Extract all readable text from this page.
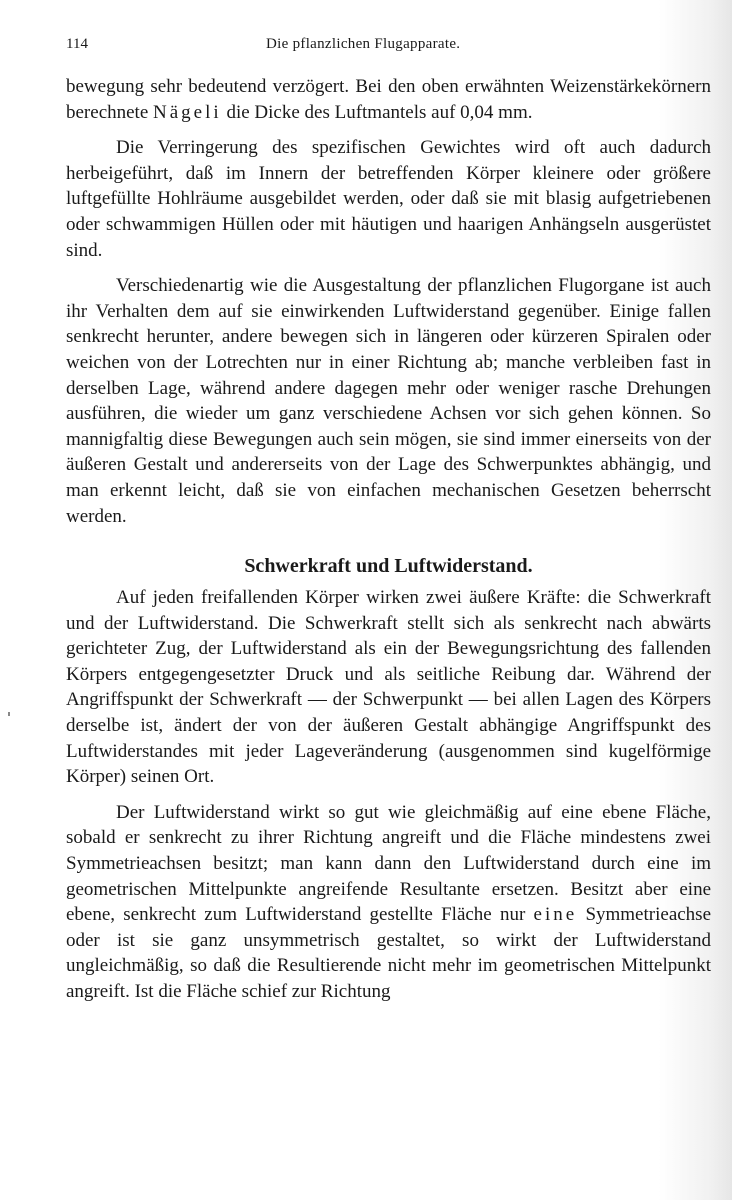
114	Die pflanzlichen Flugapparate.

bewegung sehr bedeutend verzögert. Bei den oben erwähnten Weizenstärkekörnern berechnete Nägeli die Dicke des Luftmantels auf 0,04 mm.

Die Verringerung des spezifischen Gewichtes wird oft auch dadurch herbeigeführt, daß im Innern der betreffenden Körper kleinere oder größere luftgefüllte Hohlräume ausgebildet werden, oder daß sie mit blasig aufgetriebenen oder schwammigen Hüllen oder mit häutigen und haarigen Anhängseln ausgerüstet sind.

Verschiedenartig wie die Ausgestaltung der pflanzlichen Flugorgane ist auch ihr Verhalten dem auf sie einwirkenden Luftwiderstand gegenüber. Einige fallen senkrecht herunter, andere bewegen sich in längeren oder kürzeren Spiralen oder weichen von der Lotrechten nur in einer Richtung ab; manche verbleiben fast in derselben Lage, während andere dagegen mehr oder weniger rasche Drehungen ausführen, die wieder um ganz verschiedene Achsen vor sich gehen können. So mannigfaltig diese Bewegungen auch sein mögen, sie sind immer einerseits von der äußeren Gestalt und andererseits von der Lage des Schwerpunktes abhängig, und man erkennt leicht, daß sie von einfachen mechanischen Gesetzen beherrscht werden.

Schwerkraft und Luftwiderstand.

Auf jeden freifallenden Körper wirken zwei äußere Kräfte: die Schwerkraft und der Luftwiderstand. Die Schwerkraft stellt sich als senkrecht nach abwärts gerichteter Zug, der Luftwiderstand als ein der Bewegungsrichtung des fallenden Körpers entgegengesetzter Druck und als seitliche Reibung dar. Während der Angriffspunkt der Schwerkraft — der Schwerpunkt — bei allen Lagen des Körpers derselbe ist, ändert der von der äußeren Gestalt abhängige Angriffspunkt des Luftwiderstandes mit jeder Lageveränderung (ausgenommen sind kugelförmige Körper) seinen Ort.

Der Luftwiderstand wirkt so gut wie gleichmäßig auf eine ebene Fläche, sobald er senkrecht zu ihrer Richtung angreift und die Fläche mindestens zwei Symmetrieachsen besitzt; man kann dann den Luftwiderstand durch eine im geometrischen Mittelpunkte angreifende Resultante ersetzen. Besitzt aber eine ebene, senkrecht zum Luftwiderstand gestellte Fläche nur eine Symmetrieachse oder ist sie ganz unsymmetrisch gestaltet, so wirkt der Luftwiderstand ungleichmäßig, so daß die Resultierende nicht mehr im geometrischen Mittelpunkt angreift. Ist die Fläche schief zur Richtung
